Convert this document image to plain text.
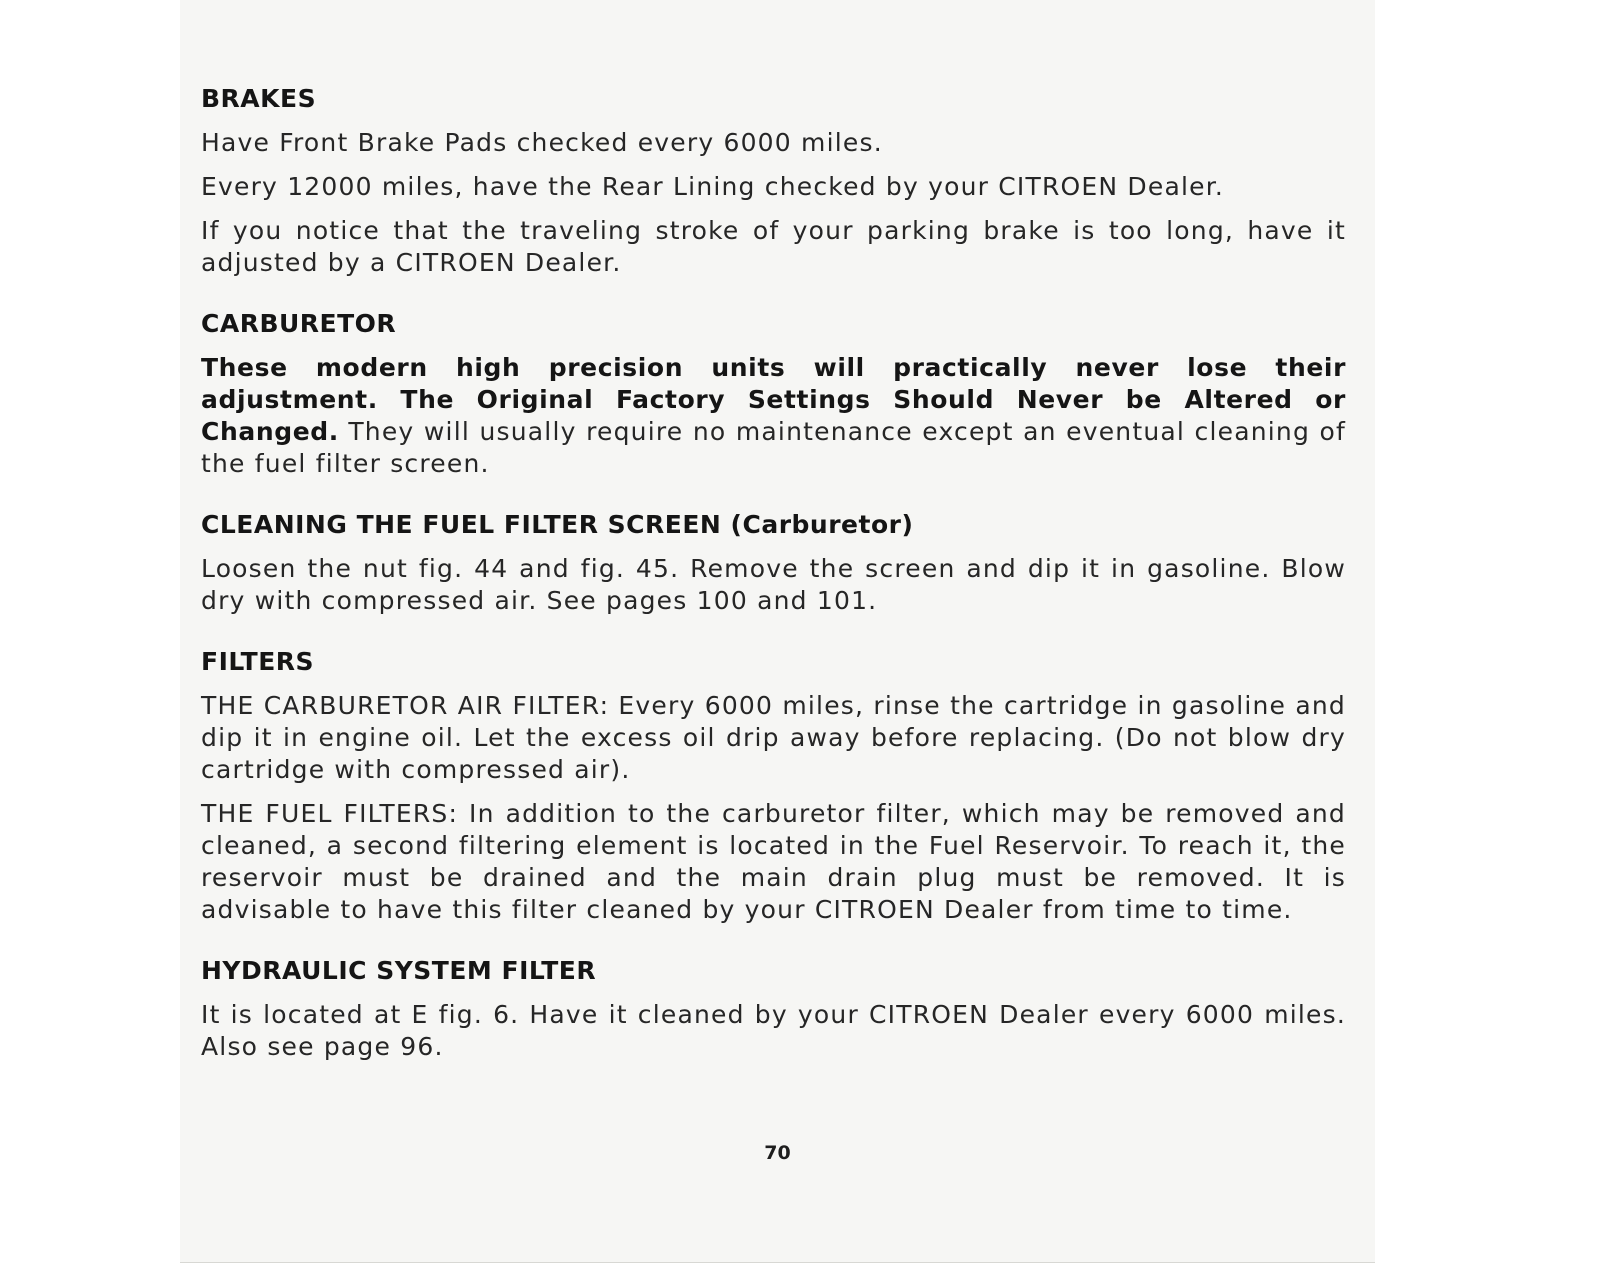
BRAKES

Have Front Brake Pads checked every 6000 miles.

Every 12000 miles, have the Rear Lining checked by your CITROEN Dealer.

If you notice that the traveling stroke of your parking brake is too long, have it adjusted by a CITROEN Dealer.

CARBURETOR

These modern high precision units will practically never lose their adjustment. The Original Factory Settings Should Never be Altered or Changed. They will usually require no maintenance except an eventual cleaning of the fuel filter screen.

CLEANING THE FUEL FILTER SCREEN (Carburetor)

Loosen the nut fig. 44 and fig. 45. Remove the screen and dip it in gasoline. Blow dry with compressed air. See pages 100 and 101.

FILTERS

THE CARBURETOR AIR FILTER: Every 6000 miles, rinse the cartridge in gasoline and dip it in engine oil. Let the excess oil drip away before replacing. (Do not blow dry cartridge with compressed air).

THE FUEL FILTERS: In addition to the carburetor filter, which may be removed and cleaned, a second filtering element is located in the Fuel Reservoir. To reach it, the reservoir must be drained and the main drain plug must be removed. It is advisable to have this filter cleaned by your CITROEN Dealer from time to time.

HYDRAULIC SYSTEM FILTER

It is located at E fig. 6. Have it cleaned by your CITROEN Dealer every 6000 miles. Also see page 96.

70
